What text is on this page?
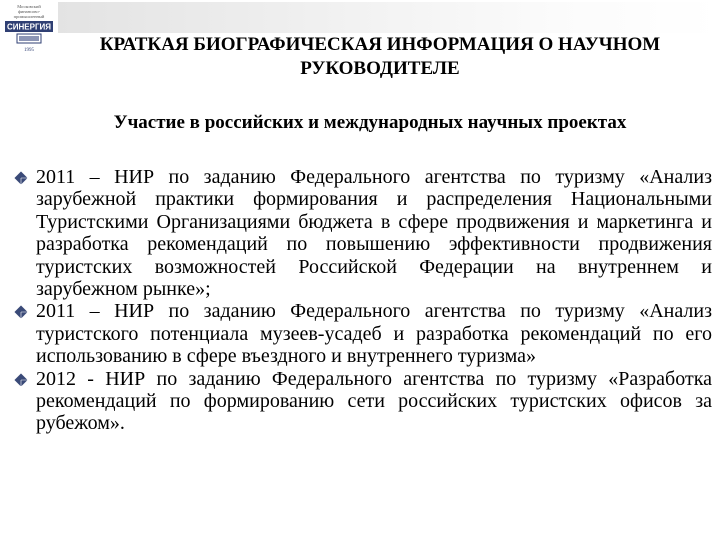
Московский
финансово-
промышленный
СИНЕРГИЯ
1995	КРАТКАЯ БИОГРАФИЧЕСКАЯ ИНФОРМАЦИЯ О НАУЧНОМ РУКОВОДИТЕЛЕ
Участие в российских и международных научных проектах
2011 – НИР по заданию Федерального агентства по туризму «Анализ зарубежной практики формирования и распределения Национальными Туристскими Организациями бюджета в сфере продвижения и маркетинга и разработка рекомендаций по повышению эффективности продвижения туристских возможностей Российской Федерации на внутреннем и зарубежном рынке»;
2011 – НИР по заданию Федерального агентства по туризму «Анализ туристского потенциала музеев-усадеб и разработка рекомендаций по его использованию в сфере въездного и внутреннего туризма»
2012 - НИР по заданию Федерального агентства по туризму «Разработка рекомендаций по формированию сети российских туристских офисов за рубежом».
